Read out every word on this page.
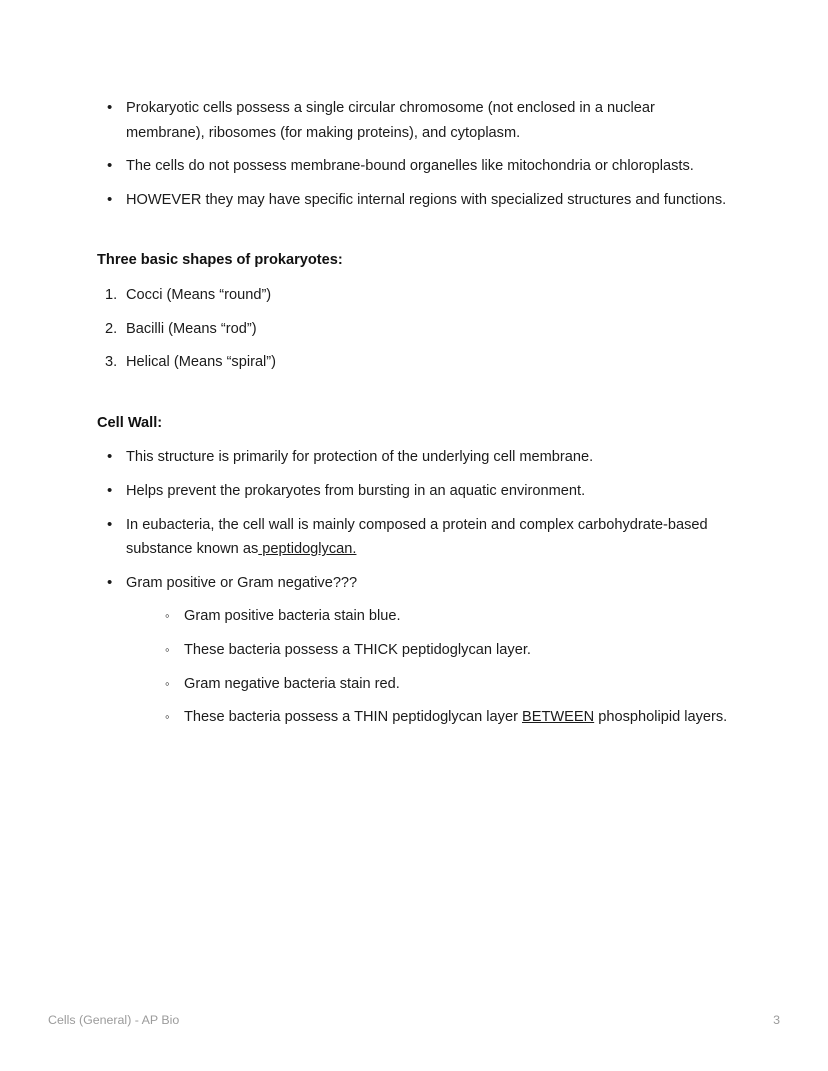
• Prokaryotic cells possess a single circular chromosome (not enclosed in a nuclear membrane), ribosomes (for making proteins), and cytoplasm.
• The cells do not possess membrane-bound organelles like mitochondria or chloroplasts.
• HOWEVER they may have specific internal regions with specialized structures and functions.
Three basic shapes of prokaryotes:
1. Cocci (Means “round”)
2. Bacilli (Means “rod”)
3. Helical (Means “spiral”)
Cell Wall:
• This structure is primarily for protection of the underlying cell membrane.
• Helps prevent the prokaryotes from bursting in an aquatic environment.
• In eubacteria, the cell wall is mainly composed a protein and complex carbohydrate-based substance known as peptidoglycan.
• Gram positive or Gram negative???
◦ Gram positive bacteria stain blue.
◦ These bacteria possess a THICK peptidoglycan layer.
◦ Gram negative bacteria stain red.
◦ These bacteria possess a THIN peptidoglycan layer BETWEEN phospholipid layers.
Cells (General) - AP Bio	3
